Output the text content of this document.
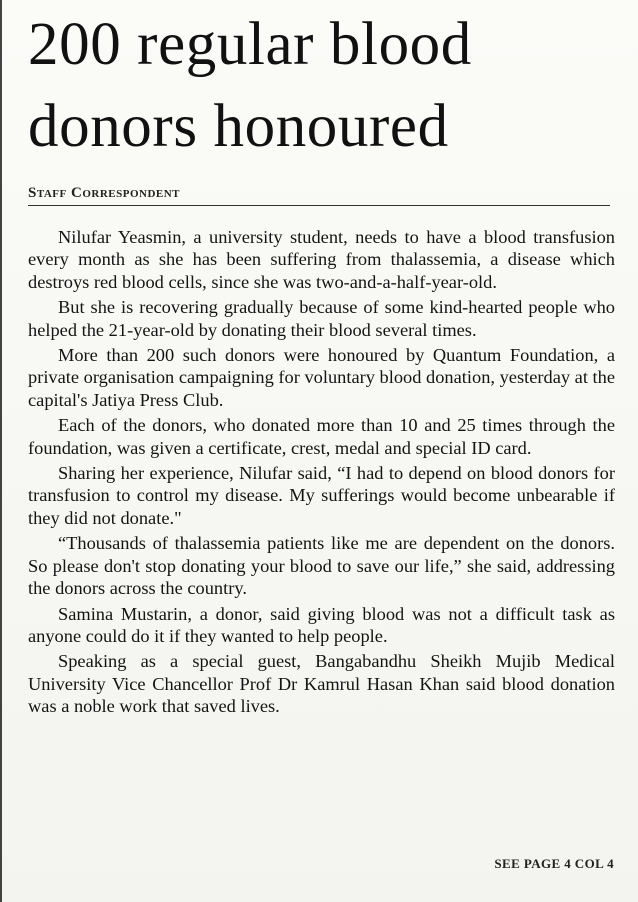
200 regular blood
donors honoured

Staff Correspondent

Nilufar Yeasmin, a university student, needs to have a blood transfusion every month as she has been suffering from thalassemia, a disease which destroys red blood cells, since she was two-and-a-half-year-old.

But she is recovering gradually because of some kind-hearted people who helped the 21-year-old by donating their blood several times.

More than 200 such donors were honoured by Quantum Foundation, a private organisation campaigning for voluntary blood donation, yesterday at the capital's Jatiya Press Club.

Each of the donors, who donated more than 10 and 25 times through the foundation, was given a certificate, crest, medal and special ID card.

Sharing her experience, Nilufar said, “I had to depend on blood donors for transfusion to control my disease. My sufferings would become unbearable if they did not donate."

“Thousands of thalassemia patients like me are dependent on the donors. So please don't stop donating your blood to save our life,” she said, addressing the donors across the country.

Samina Mustarin, a donor, said giving blood was not a difficult task as anyone could do it if they wanted to help people.

Speaking as a special guest, Bangabandhu Sheikh Mujib Medical University Vice Chancellor Prof Dr Kamrul Hasan Khan said blood donation was a noble work that saved lives.

SEE PAGE 4 COL 4
